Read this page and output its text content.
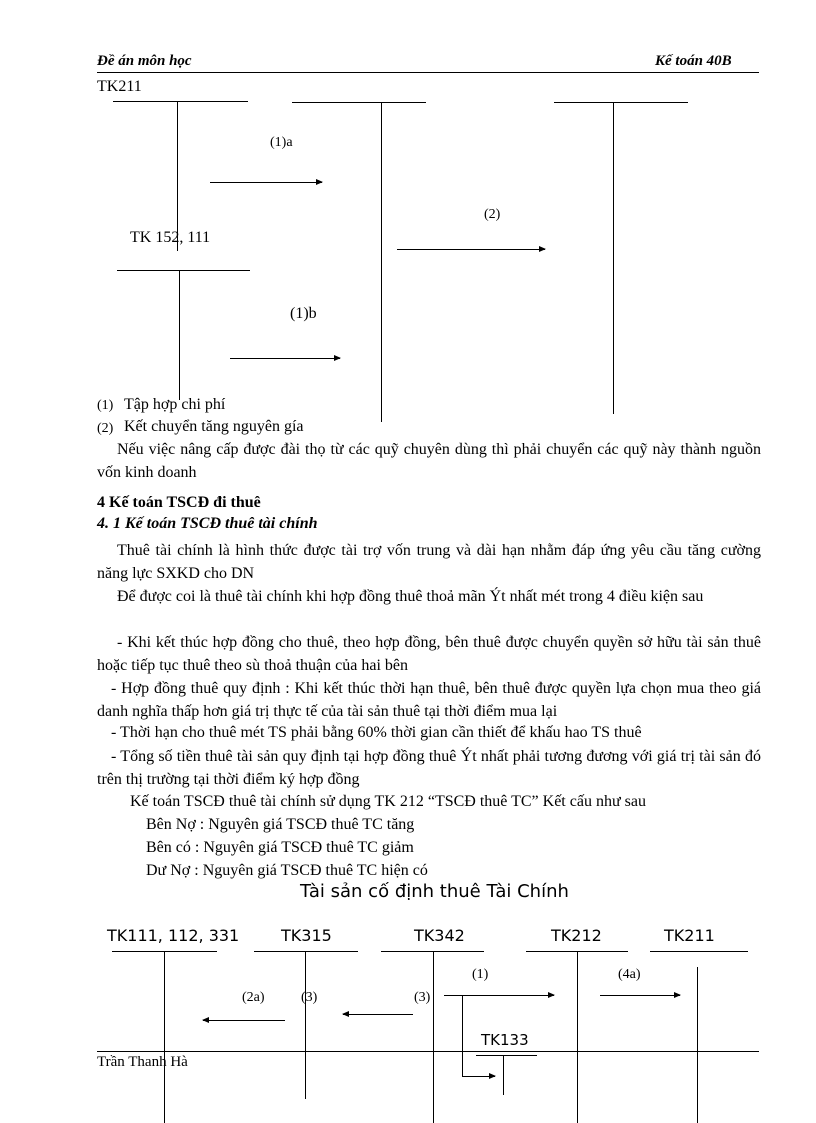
Đề án môn học	Kế toán 40B
TK211
(1)a
(2)
TK 152, 111
(1)b
(1) Tập hợp chi phí
(2) Kết chuyển tăng nguyên gía
Nếu việc nâng cấp được đài thọ từ các quỹ chuyên dùng thì phải chuyển các quỹ này thành nguồn vốn kinh doanh
4 Kế toán TSCĐ đi thuê
4. 1 Kế toán TSCĐ thuê tài chính
Thuê tài chính là hình thức được tài trợ vốn trung và dài hạn nhằm đáp ứng yêu cầu tăng cường năng lực SXKD cho DN
Để được coi là thuê tài chính khi hợp đồng thuê thoả mãn Ýt nhất mét trong 4 điều kiện sau
- Khi kết thúc hợp đồng cho thuê, theo hợp đồng, bên thuê được chuyển quyền sở hữu tài sản thuê hoặc tiếp tục thuê theo sù thoả thuận của hai bên
- Hợp đồng thuê quy định : Khi kết thúc thời hạn thuê, bên thuê được quyền lựa chọn mua theo giá danh nghĩa thấp hơn giá trị thực tế của tài sản thuê tại thời điểm mua lại
- Thời hạn cho thuê mét TS phải bằng 60% thời gian cần thiết để khấu hao TS thuê
- Tổng số tiền thuê tài sản quy định tại hợp đồng thuê Ýt nhất phải tương đương với giá trị tài sản đó trên thị trường tại thời điểm ký hợp đồng
Kế toán TSCĐ thuê tài chính sử dụng TK 212 “TSCĐ thuê TC” Kết cấu như sau
Bên Nợ : Nguyên giá TSCĐ thuê TC tăng
Bên có : Nguyên giá TSCĐ thuê TC giảm
Dư Nợ : Nguyên giá TSCĐ thuê TC hiện có
Tài sản cố định thuê Tài Chính
TK111, 112, 331	TK315	TK342	TK212	TK211
(2a)	(3)	(3)
(1)	(4a)
TK133
Trần Thanh Hà
